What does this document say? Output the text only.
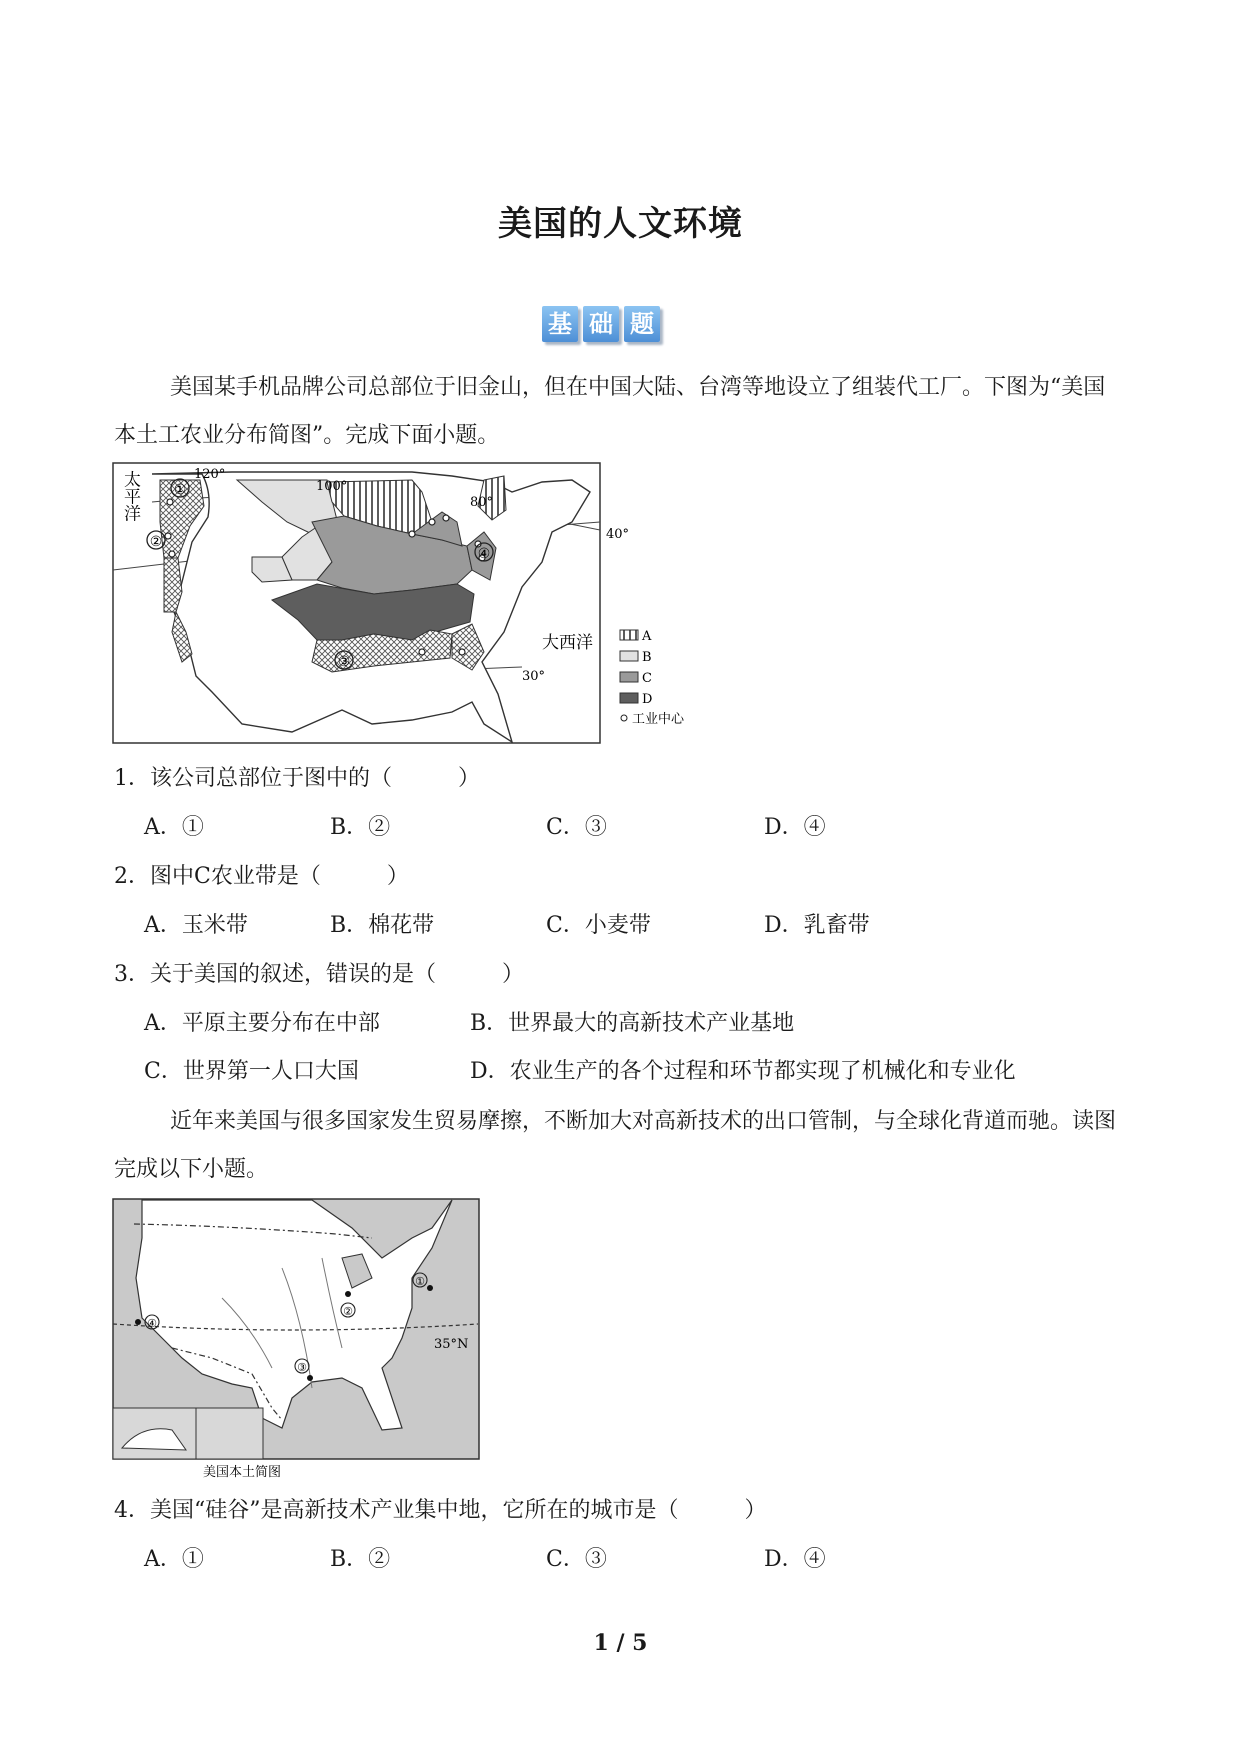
美国的人文环境
基 础 题
美国某手机品牌公司总部位于旧金山，但在中国大陆、台湾等地设立了组装代工厂。下图为“美国本土工农业分布简图”。完成下面小题。
①
②
③
④
太平洋
大西洋
120°
100°
80°
40°
30°
A
B
C
D
工业中心
1．该公司总部位于图中的（　　　）
A．①	B．②	C．③	D．④
2．图中C农业带是（　　　）
A．玉米带	B．棉花带	C．小麦带	D．乳畜带
3．关于美国的叙述，错误的是（　　　）
A．平原主要分布在中部	B．世界最大的高新技术产业基地
C．世界第一人口大国	D．农业生产的各个过程和环节都实现了机械化和专业化
近年来美国与很多国家发生贸易摩擦，不断加大对高新技术的出口管制，与全球化背道而驰。读图完成以下小题。
①
②
③
④
35°N
美国本土简图
4．美国“硅谷”是高新技术产业集中地，它所在的城市是（　　　）
A．①	B．②	C．③	D．④
1 / 5
